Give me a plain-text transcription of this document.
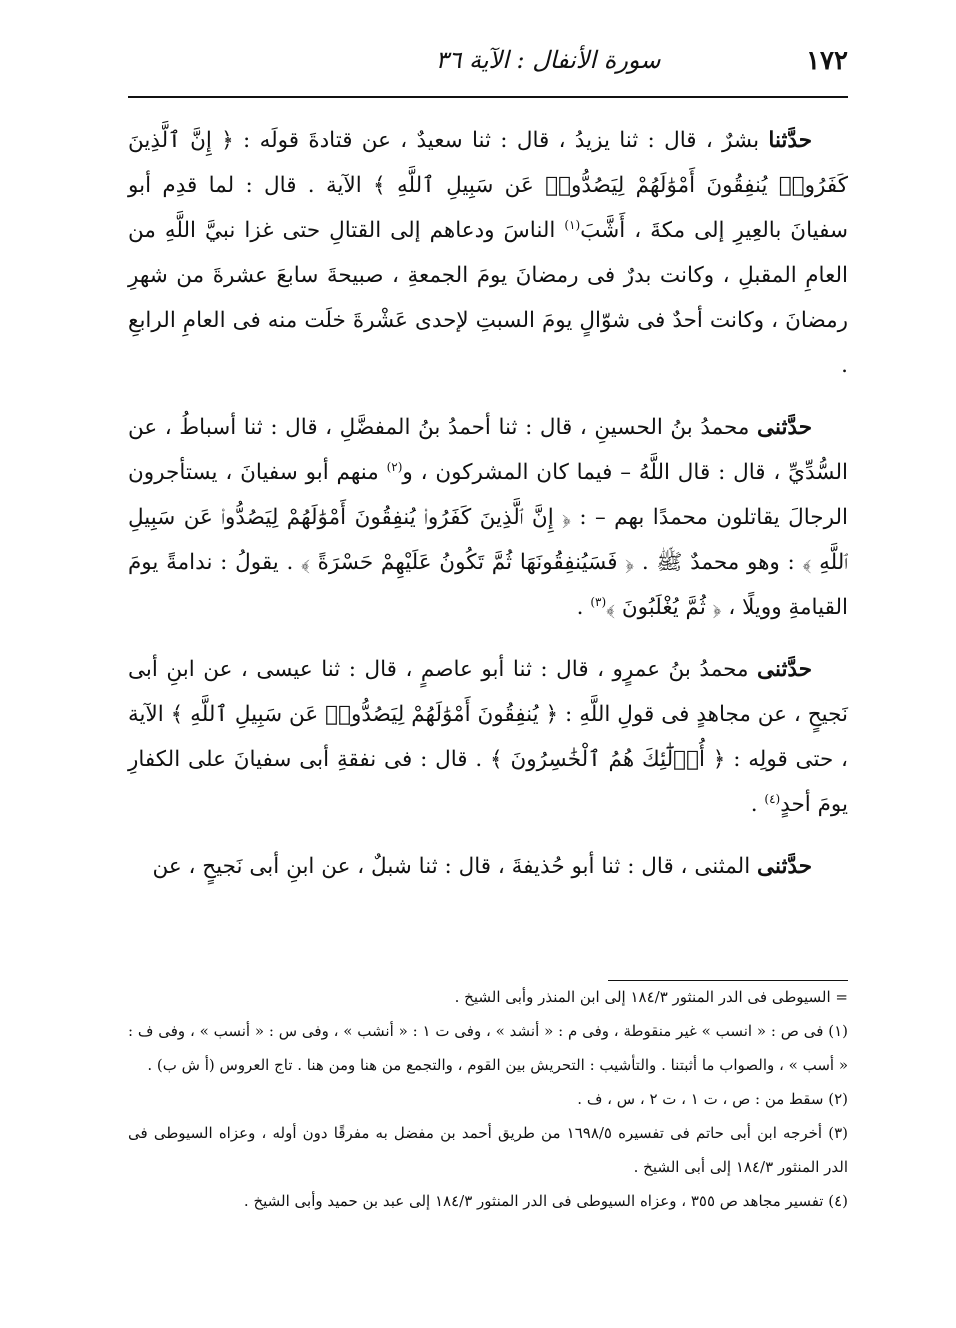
١٧٢
سورة الأنفال : الآية ٣٦

حدَّثنا بشرٌ ، قال : ثنا يزيدُ ، قال : ثنا سعيدٌ ، عن قتادةَ قولَه : ﴿ إِنَّ ٱلَّذِينَ كَفَرُوا۟ يُنفِقُونَ أَمْوَٰلَهُمْ لِيَصُدُّوا۟ عَن سَبِيلِ ٱللَّهِ ﴾ الآية . قال : لما قدِم أبو سفيانَ بالعِيرِ إلى مكةَ ، أَشَّبَ$^{(١)}$ الناسَ ودعاهم إلى القتالِ حتى غزا نبيَّ اللَّهِ من العامِ المقبلِ ، وكانت بدرٌ فى رمضانَ يومَ الجمعةِ ، صبيحةَ سابعَ عشرةَ من شهرِ رمضانَ ، وكانت أحدٌ فى شوّالٍ يومَ السبتِ لإحدى عَشْرةَ خلَت منه فى العامِ الرابعِ .

حدَّثنى محمدُ بنُ الحسينِ ، قال : ثنا أحمدُ بنُ المفضَّلِ ، قال : ثنا أسباطُ ، عن السُّدِّيِّ ، قال : قال اللَّهُ – فيما كان المشركون ، و$^{(٢)}$ منهم أبو سفيانَ ، يستأجرون الرجالَ يقاتلون محمدًا بهم – : ﴿ إِنَّ ٱلَّذِينَ كَفَرُوا۟ يُنفِقُونَ أَمْوَٰلَهُمْ لِيَصُدُّوا۟ عَن سَبِيلِ ٱللَّهِ ﴾ : وهو محمدٌ ﷺ . ﴿ فَسَيُنفِقُونَهَا ثُمَّ تَكُونُ عَلَيْهِمْ حَسْرَةً ﴾ . يقولُ : ندامةً يومَ القيامةِ وويلًا ، ﴿ ثُمَّ يُغْلَبُونَ ﴾$^{(٣)}$ .

حدَّثنى محمدُ بنُ عمرٍو ، قال : ثنا أبو عاصمٍ ، قال : ثنا عيسى ، عن ابنِ أبى نَجيحٍ ، عن مجاهدٍ فى قولِ اللَّهِ : ﴿ يُنفِقُونَ أَمْوَٰلَهُمْ لِيَصُدُّوا۟ عَن سَبِيلِ ٱللَّهِ ﴾ الآية ، حتى قولِه : ﴿ أُو۟لَٰٓئِكَ هُمُ ٱلْخَٰسِرُونَ ﴾ . قال : فى نفقةِ أبى سفيانَ على الكفارِ يومَ أحدٍ$^{(٤)}$ .

حدَّثنى المثنى ، قال : ثنا أبو حُذيفةَ ، قال : ثنا شبلٌ ، عن ابنِ أبى نَجيحٍ ، عن

= السيوطى فى الدر المنثور ١٨٤/٣ إلى ابن المنذر وأبى الشيخ .

(١) فى ص : « انسب » غير منقوطة ، وفى م : « أنشد » ، وفى ت ١ : « أنشب » ، وفى س : « أنسب » ، وفى ف : « أسب » ، والصواب ما أثبتنا . والتأشيب : التحريش بين القوم ، والتجمع من هنا ومن هنا . تاج العروس (أ ش ب) .

(٢) سقط من : ص ، ت ١ ، ت ٢ ، س ، ف .

(٣) أخرجه ابن أبى حاتم فى تفسيره ١٦٩٨/٥ من طريق أحمد بن مفضل به مفرقًا دون أوله ، وعزاه السيوطى فى الدر المنثور ١٨٤/٣ إلى أبى الشيخ .

(٤) تفسير مجاهد ص ٣٥٥ ، وعزاه السيوطى فى الدر المنثور ١٨٤/٣ إلى عبد بن حميد وأبى الشيخ .
